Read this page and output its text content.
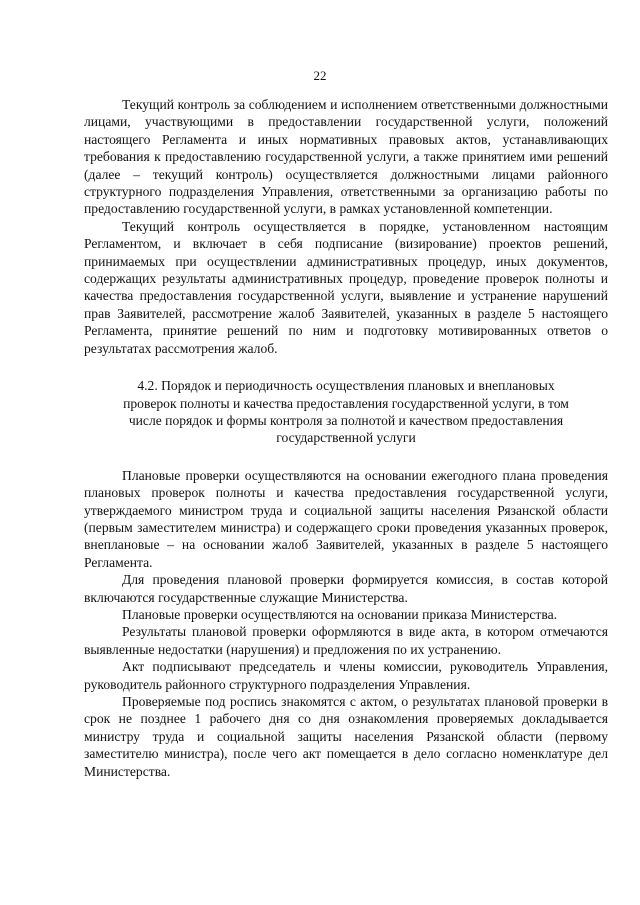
22

Текущий контроль за соблюдением и исполнением ответственными должностными лицами, участвующими в предоставлении государственной услуги, положений настоящего Регламента и иных нормативных правовых актов, устанавливающих требования к предоставлению государственной услуги, а также принятием ими решений (далее – текущий контроль) осуществляется должностными лицами районного структурного подразделения Управления, ответственными за организацию работы по предоставлению государственной услуги, в рамках установленной компетенции.

Текущий контроль осуществляется в порядке, установленном настоящим Регламентом, и включает в себя подписание (визирование) проектов решений, принимаемых при осуществлении административных процедур, иных документов, содержащих результаты административных процедур, проведение проверок полноты и качества предоставления государственной услуги, выявление и устранение нарушений прав Заявителей, рассмотрение жалоб Заявителей, указанных в разделе 5 настоящего Регламента, принятие решений по ним и подготовку мотивированных ответов о результатах рассмотрения жалоб.

4.2. Порядок и периодичность осуществления плановых и внеплановых
проверок полноты и качества предоставления государственной услуги, в том
числе порядок и формы контроля за полнотой и качеством предоставления
государственной услуги

Плановые проверки осуществляются на основании ежегодного плана проведения плановых проверок полноты и качества предоставления государственной услуги, утверждаемого министром труда и социальной защиты населения Рязанской области (первым заместителем министра) и содержащего сроки проведения указанных проверок, внеплановые – на основании жалоб Заявителей, указанных в разделе 5 настоящего Регламента.

Для проведения плановой проверки формируется комиссия, в состав которой включаются государственные служащие Министерства.

Плановые проверки осуществляются на основании приказа Министерства.

Результаты плановой проверки оформляются в виде акта, в котором отмечаются выявленные недостатки (нарушения) и предложения по их устранению.

Акт подписывают председатель и члены комиссии, руководитель Управления, руководитель районного структурного подразделения Управления.

Проверяемые под роспись знакомятся с актом, о результатах плановой проверки в срок не позднее 1 рабочего дня со дня ознакомления проверяемых докладывается министру труда и социальной защиты населения Рязанской области (первому заместителю министра), после чего акт помещается в дело согласно номенклатуре дел Министерства.
